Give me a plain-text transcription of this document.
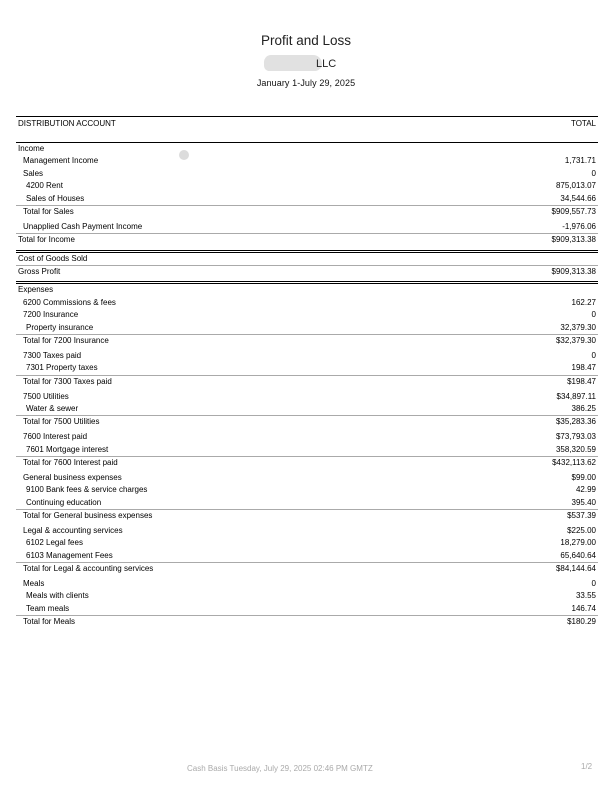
Profit and Loss
LLC
January 1-July 29, 2025
DISTRIBUTION ACCOUNT	TOTAL
Income
Management Income	1,731.71
Sales	0
4200 Rent	875,013.07
Sales of Houses	34,544.66
Total for Sales	$909,557.73
Unapplied Cash Payment Income	-1,976.06
Total for Income	$909,313.38
Cost of Goods Sold
Gross Profit	$909,313.38
Expenses
6200 Commissions & fees	162.27
7200 Insurance	0
Property insurance	32,379.30
Total for 7200 Insurance	$32,379.30
7300 Taxes paid	0
7301 Property taxes	198.47
Total for 7300 Taxes paid	$198.47
7500 Utilities	$34,897.11
Water & sewer	386.25
Total for 7500 Utilities	$35,283.36
7600 Interest paid	$73,793.03
7601 Mortgage interest	358,320.59
Total for 7600 Interest paid	$432,113.62
General business expenses	$99.00
9100 Bank fees & service charges	42.99
Continuing education	395.40
Total for General business expenses	$537.39
Legal & accounting services	$225.00
6102 Legal fees	18,279.00
6103 Management Fees	65,640.64
Total for Legal & accounting services	$84,144.64
Meals	0
Meals with clients	33.55
Team meals	146.74
Total for Meals	$180.29
Cash Basis Tuesday, July 29, 2025 02:46 PM GMTZ	1/2
